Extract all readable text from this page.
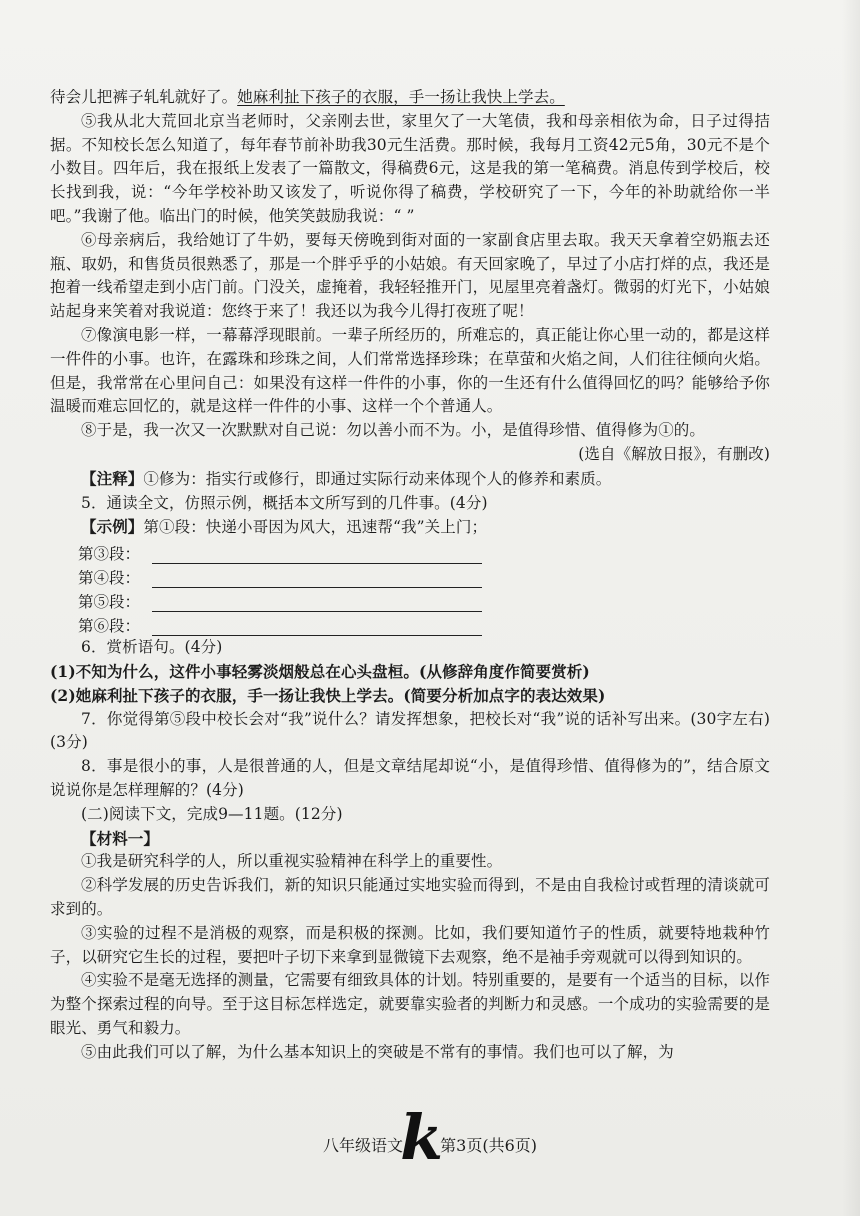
待会儿把裤子轧轧就好了。她麻利扯下孩子的衣服，手一扬让我快上学去。

⑤我从北大荒回北京当老师时，父亲刚去世，家里欠了一大笔债，我和母亲相依为命，日子过得拮据。不知校长怎么知道了，每年春节前补助我30元生活费。那时候，我每月工资42元5角，30元不是个小数目。四年后，我在报纸上发表了一篇散文，得稿费6元，这是我的第一笔稿费。消息传到学校后，校长找到我，说：“今年学校补助又该发了，听说你得了稿费，学校研究了一下，今年的补助就给你一半吧。”我谢了他。临出门的时候，他笑笑鼓励我说：“ ”

⑥母亲病后，我给她订了牛奶，要每天傍晚到街对面的一家副食店里去取。我天天拿着空奶瓶去还瓶、取奶，和售货员很熟悉了，那是一个胖乎乎的小姑娘。有天回家晚了，早过了小店打烊的点，我还是抱着一线希望走到小店门前。门没关，虚掩着，我轻轻推开门，见屋里亮着盏灯。微弱的灯光下，小姑娘站起身来笑着对我说道：您终于来了！我还以为我今儿得打夜班了呢！

⑦像演电影一样，一幕幕浮现眼前。一辈子所经历的，所难忘的，真正能让你心里一动的，都是这样一件件的小事。也许，在露珠和珍珠之间，人们常常选择珍珠；在草萤和火焰之间，人们往往倾向火焰。但是，我常常在心里问自己：如果没有这样一件件的小事，你的一生还有什么值得回忆的吗？能够给予你温暖而难忘回忆的，就是这样一件件的小事、这样一个个普通人。

⑧于是，我一次又一次默默对自己说：勿以善小而不为。小，是值得珍惜、值得修为①的。

(选自《解放日报》，有删改)

【注释】①修为：指实行或修行，即通过实际行动来体现个人的修养和素质。

5．通读全文，仿照示例，概括本文所写到的几件事。(4分)

【示例】第①段：快递小哥因为风大，迅速帮“我”关上门；

第③段：
第④段：
第⑤段：
第⑥段：

6．赏析语句。(4分)

(1)不知为什么，这件小事轻雾淡烟般总在心头盘桓。(从修辞角度作简要赏析)

(2)她麻利扯下孩子的衣服，手一扬让我快上学去。(简要分析加点字的表达效果)

7．你觉得第⑤段中校长会对“我”说什么？请发挥想象，把校长对“我”说的话补写出来。(30字左右)(3分)

8．事是很小的事，人是很普通的人，但是文章结尾却说“小，是值得珍惜、值得修为的”，结合原文说说你是怎样理解的？(4分)

(二)阅读下文，完成9—11题。(12分)

【材料一】

①我是研究科学的人，所以重视实验精神在科学上的重要性。

②科学发展的历史告诉我们，新的知识只能通过实地实验而得到，不是由自我检讨或哲理的清谈就可求到的。

③实验的过程不是消极的观察，而是积极的探测。比如，我们要知道竹子的性质，就要特地栽种竹子，以研究它生长的过程，要把叶子切下来拿到显微镜下去观察，绝不是袖手旁观就可以得到知识的。

④实验不是毫无选择的测量，它需要有细致具体的计划。特别重要的，是要有一个适当的目标，以作为整个探索过程的向导。至于这目标怎样选定，就要靠实验者的判断力和灵感。一个成功的实验需要的是眼光、勇气和毅力。

⑤由此我们可以了解，为什么基本知识上的突破是不常有的事情。我们也可以了解，为

八年级语文 k 第3页(共6页)
